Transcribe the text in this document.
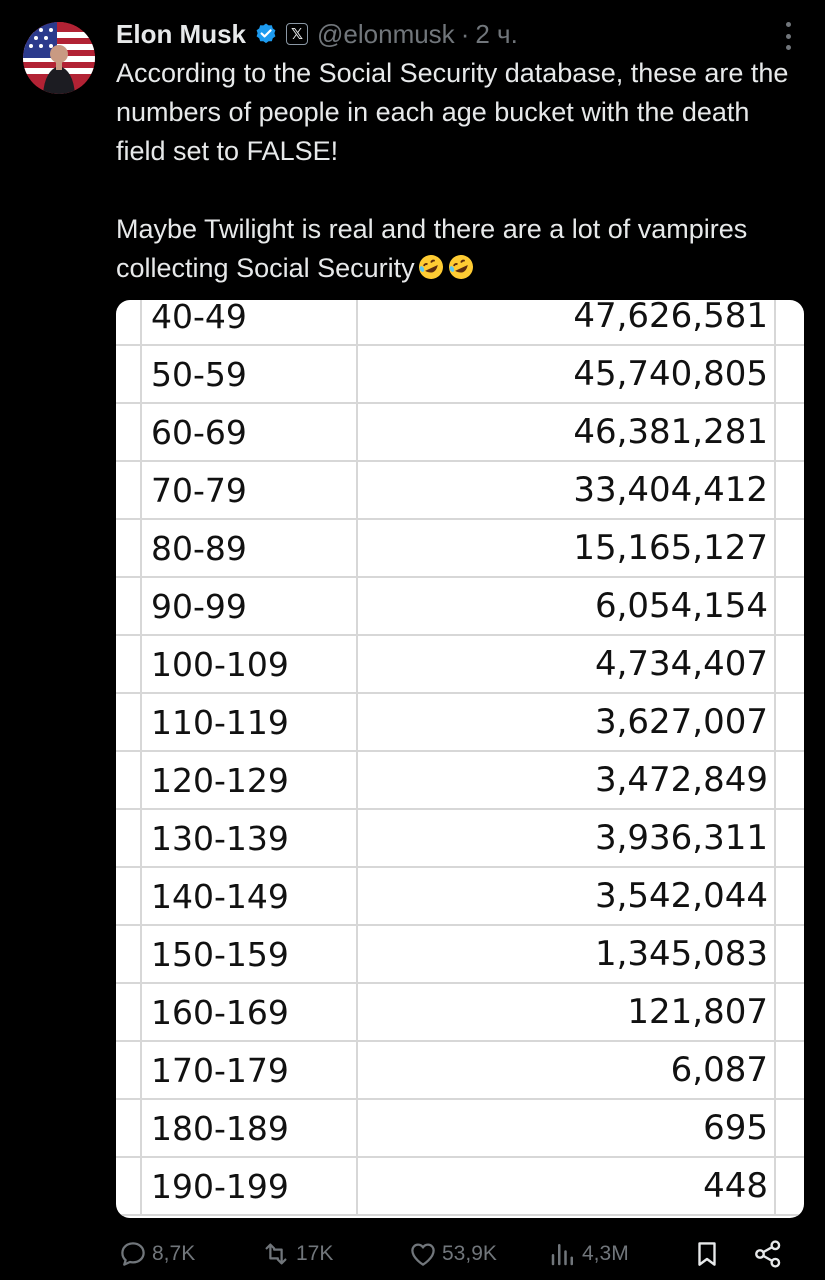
Elon Musk	𝕏 @elonmusk · 2 ч.

According to the Social Security database, these are the numbers of people in each age bucket with the death field set to FALSE!

Maybe Twilight is real and there are a lot of vampires collecting Social Security

40-49	47,626,581
50-59	45,740,805
60-69	46,381,281
70-79	33,404,412
80-89	15,165,127
90-99	6,054,154
100-109	4,734,407
110-119	3,627,007
120-129	3,472,849
130-139	3,936,311
140-149	3,542,044
150-159	1,345,083
160-169	121,807
170-179	6,087
180-189	695
190-199	448
8,7K	17K	53,9K	4,3M
